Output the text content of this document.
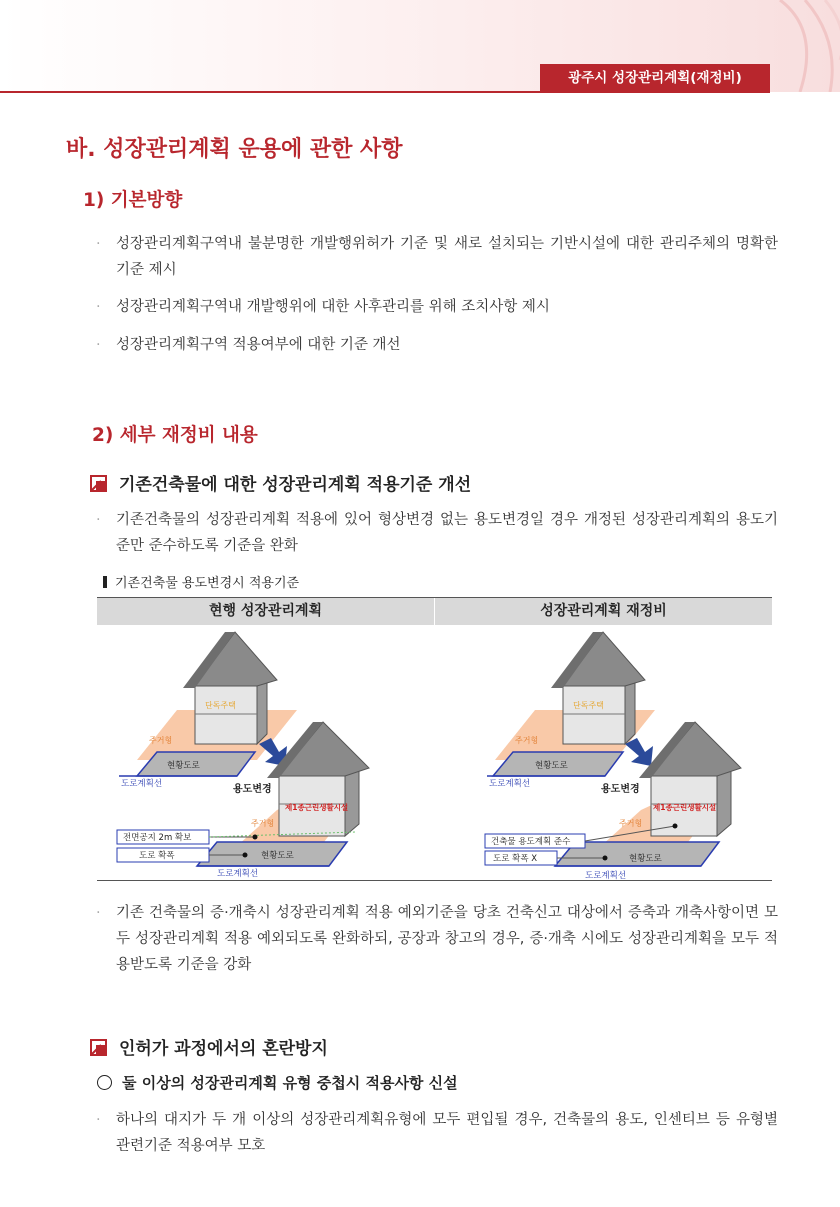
광주시 성장관리계획(재정비)
바. 성장관리계획 운용에 관한 사항
1) 기본방향
·	성장관리계획구역내 불분명한 개발행위허가 기준 및 새로 설치되는 기반시설에 대한 관리주체의 명확한 기준 제시
·	성장관리계획구역내 개발행위에 대한 사후관리를 위해 조치사항 제시
·	성장관리계획구역 적용여부에 대한 기준 개선
2) 세부 재정비 내용
기존건축물에 대한 성장관리계획 적용기준 개선
·	기존건축물의 성장관리계획 적용에 있어 형상변경 없는 용도변경일 경우 개정된 성장관리계획의 용도기준만 준수하도록 기준을 완화
기존건축물 용도변경시 적용기준
현행 성장관리계획	성장관리계획 재정비
단독주택
주거형
현황도로
도로계획선	용도변경
제1종근린생활시설
주거형
전면공지 2m 확보
도로 확폭	현황도로
도로계획선
단독주택
주거형
현황도로
도로계획선	용도변경
제1종근린생활시설
주거형
건축물 용도계획 준수
도로 확폭 X	현황도로
도로계획선
·	기존 건축물의 증·개축시 성장관리계획 적용 예외기준을 당초 건축신고 대상에서 증축과 개축사항이면 모두 성장관리계획 적용 예외되도록 완화하되, 공장과 창고의 경우, 증·개축 시에도 성장관리계획을 모두 적용받도록 기준을 강화
인허가 과정에서의 혼란방지
둘 이상의 성장관리계획 유형 중첩시 적용사항 신설
·	하나의 대지가 두 개 이상의 성장관리계획유형에 모두 편입될 경우, 건축물의 용도, 인센티브 등 유형별 관련기준 적용여부 모호
